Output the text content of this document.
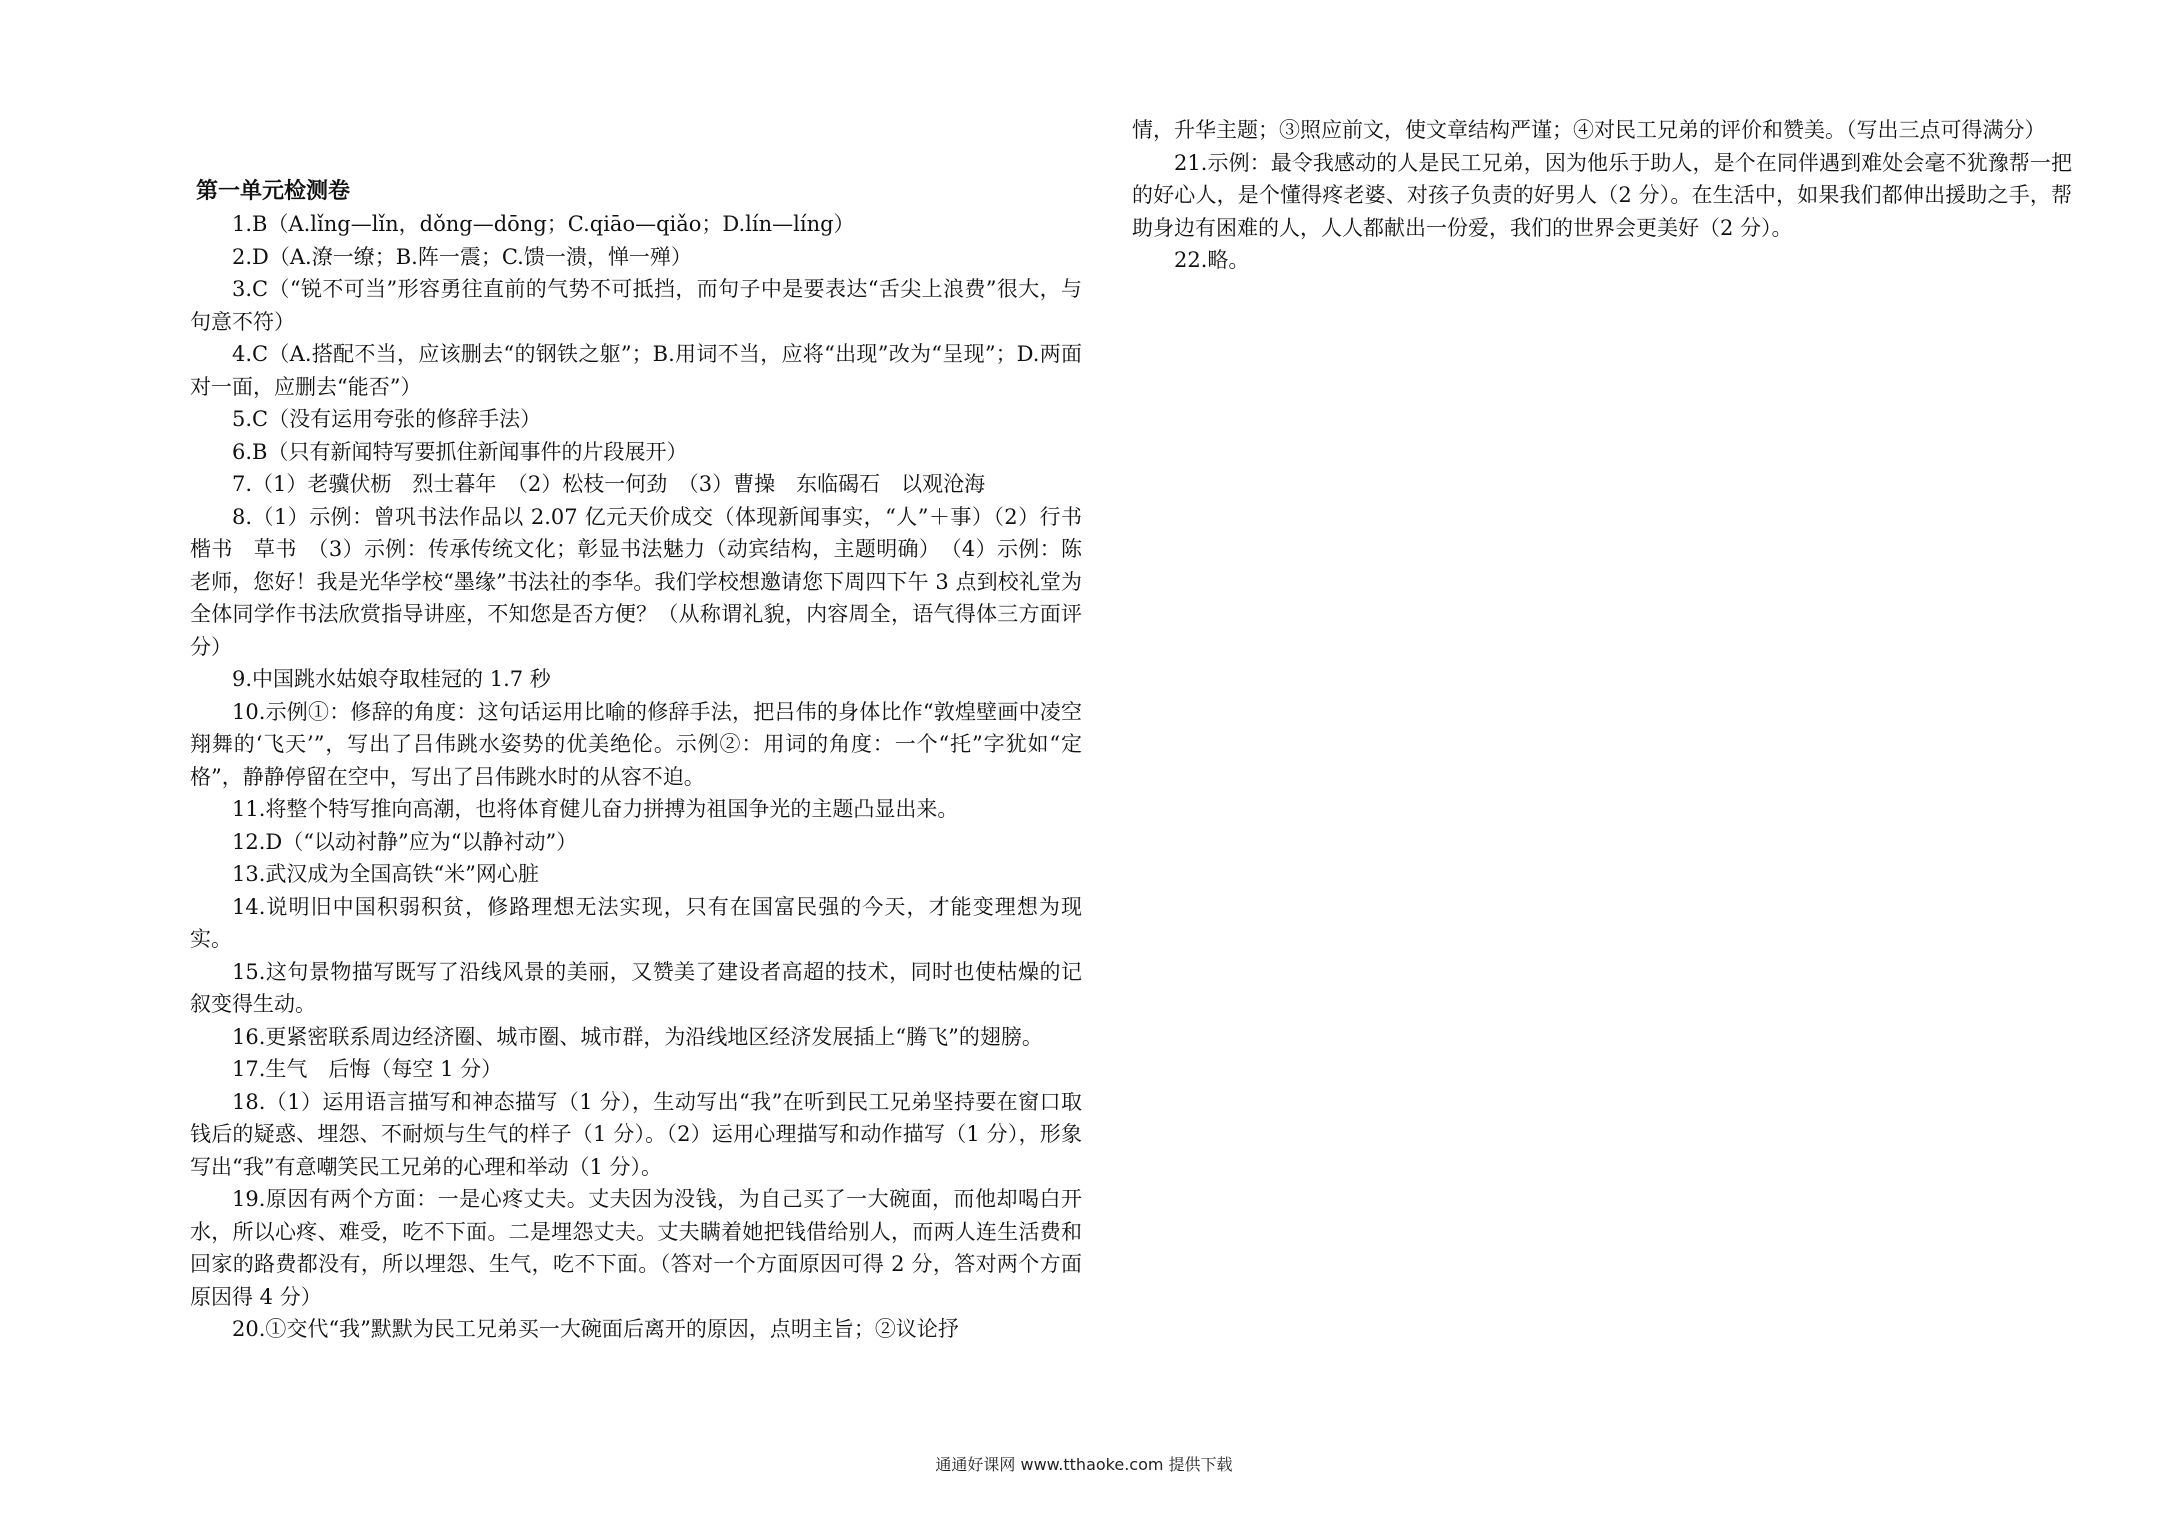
第一单元检测卷

1.B（A.lǐng—lǐn，dǒng—dōng；C.qiāo—qiǎo；D.lín—líng）

2.D（A.潦一缭；B.阵一震；C.馈一溃，惮一殚）

3.C（“锐不可当”形容勇往直前的气势不可抵挡，而句子中是要表达“舌尖上浪费”很大，与句意不符）

4.C（A.搭配不当，应该删去“的钢铁之躯”；B.用词不当，应将“出现”改为“呈现”；D.两面对一面，应删去“能否”）

5.C（没有运用夸张的修辞手法）

6.B（只有新闻特写要抓住新闻事件的片段展开）

7.（1）老骥伏枥　烈士暮年　（2）松枝一何劲　（3）曹操　东临碣石　以观沧海

8.（1）示例：曾巩书法作品以 2.07 亿元天价成交（体现新闻事实，“人”＋事）（2）行书　楷书　草书　（3）示例：传承传统文化；彰显书法魅力（动宾结构，主题明确）　（4）示例：陈老师，您好！我是光华学校“墨缘”书法社的李华。我们学校想邀请您下周四下午 3 点到校礼堂为全体同学作书法欣赏指导讲座，不知您是否方便？（从称谓礼貌，内容周全，语气得体三方面评分）

9.中国跳水姑娘夺取桂冠的 1.7 秒

10.示例①：修辞的角度：这句话运用比喻的修辞手法，把吕伟的身体比作“敦煌壁画中凌空翔舞的‘飞天’”，写出了吕伟跳水姿势的优美绝伦。示例②：用词的角度：一个“托”字犹如“定格”，静静停留在空中，写出了吕伟跳水时的从容不迫。

11.将整个特写推向高潮，也将体育健儿奋力拼搏为祖国争光的主题凸显出来。

12.D（“以动衬静”应为“以静衬动”）

13.武汉成为全国高铁“米”网心脏

14.说明旧中国积弱积贫，修路理想无法实现，只有在国富民强的今天，才能变理想为现实。

15.这句景物描写既写了沿线风景的美丽，又赞美了建设者高超的技术，同时也使枯燥的记叙变得生动。

16.更紧密联系周边经济圈、城市圈、城市群，为沿线地区经济发展插上“腾飞”的翅膀。

17.生气　后悔（每空 1 分）

18.（1）运用语言描写和神态描写（1 分），生动写出“我”在听到民工兄弟坚持要在窗口取钱后的疑惑、埋怨、不耐烦与生气的样子（1 分）。（2）运用心理描写和动作描写（1 分），形象写出“我”有意嘲笑民工兄弟的心理和举动（1 分）。

19.原因有两个方面：一是心疼丈夫。丈夫因为没钱，为自己买了一大碗面，而他却喝白开水，所以心疼、难受，吃不下面。二是埋怨丈夫。丈夫瞒着她把钱借给别人，而两人连生活费和回家的路费都没有，所以埋怨、生气，吃不下面。（答对一个方面原因可得 2 分，答对两个方面原因得 4 分）

20.①交代“我”默默为民工兄弟买一大碗面后离开的原因，点明主旨；②议论抒

情，升华主题；③照应前文，使文章结构严谨；④对民工兄弟的评价和赞美。（写出三点可得满分）

21.示例：最令我感动的人是民工兄弟，因为他乐于助人，是个在同伴遇到难处会毫不犹豫帮一把的好心人，是个懂得疼老婆、对孩子负责的好男人（2 分）。在生活中，如果我们都伸出援助之手，帮助身边有困难的人，人人都献出一份爱，我们的世界会更美好（2 分）。

22.略。

通通好课网 www.tthaoke.com 提供下载
